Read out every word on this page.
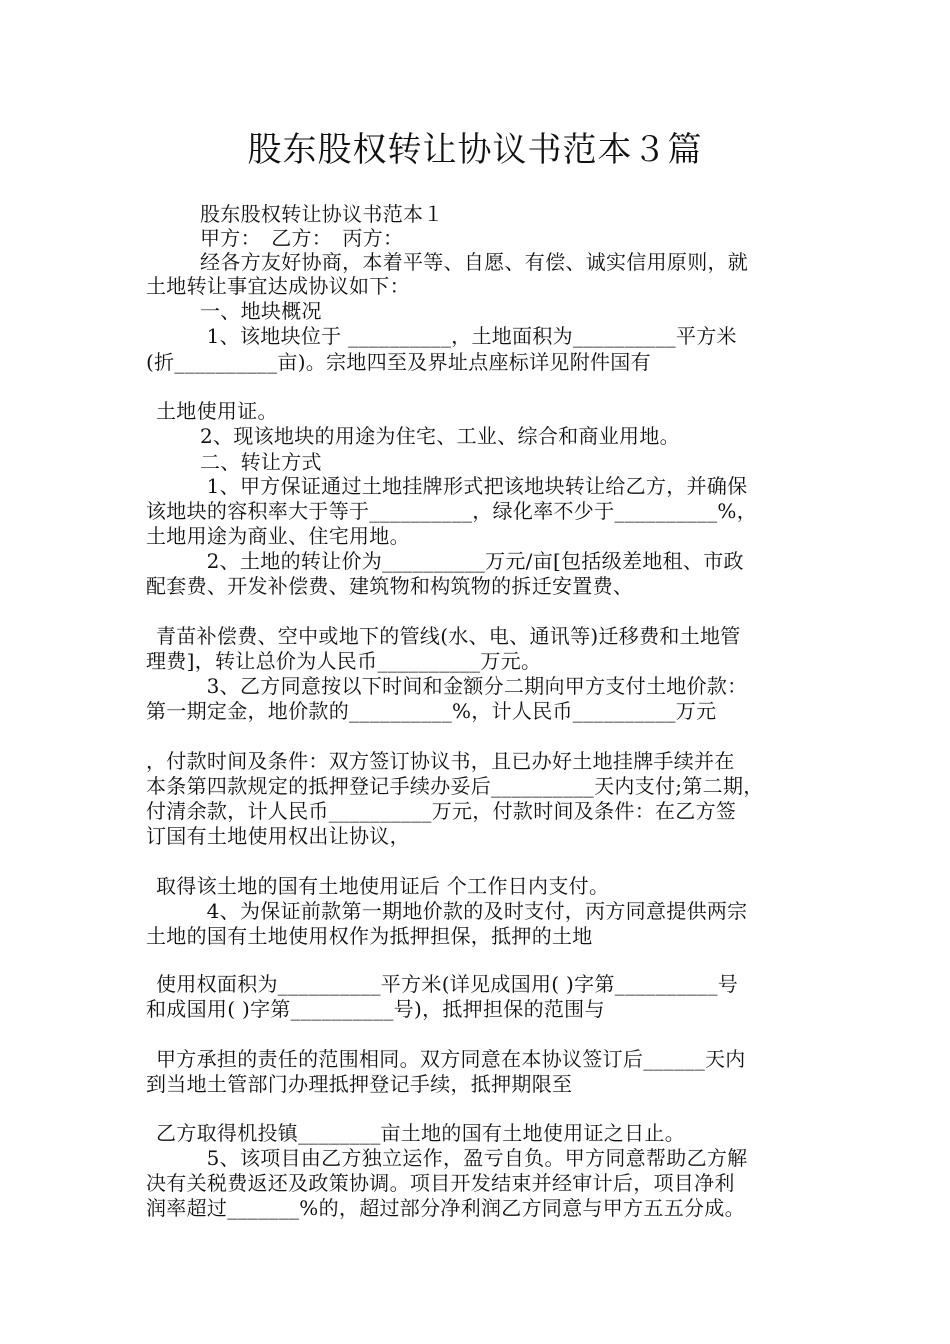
股东股权转让协议书范本３篇
股东股权转让协议书范本１
甲方：　乙方：　丙方：
经各方友好协商，本着平等、自愿、有偿、诚实信用原则，就
土地转让事宜达成协议如下：
一、地块概况
1、该地块位于 __________，土地面积为__________平方米
(折__________亩)。宗地四至及界址点座标详见附件国有
土地使用证。
2、现该地块的用途为住宅、工业、综合和商业用地。
二、转让方式
1、甲方保证通过土地挂牌形式把该地块转让给乙方，并确保
该地块的容积率大于等于__________，绿化率不少于__________%，
土地用途为商业、住宅用地。
2、土地的转让价为__________万元/亩[包括级差地租、市政
配套费、开发补偿费、建筑物和构筑物的拆迁安置费、
青苗补偿费、空中或地下的管线(水、电、通讯等)迁移费和土地管
理费]，转让总价为人民币__________万元。
3、乙方同意按以下时间和金额分二期向甲方支付土地价款：
第一期定金，地价款的__________%，计人民币__________万元
，付款时间及条件：双方签订协议书，且已办好土地挂牌手续并在
本条第四款规定的抵押登记手续办妥后__________天内支付;第二期，
付清余款，计人民币__________万元，付款时间及条件：在乙方签
订国有土地使用权出让协议，
取得该土地的国有土地使用证后 个工作日内支付。
4、为保证前款第一期地价款的及时支付，丙方同意提供两宗
土地的国有土地使用权作为抵押担保，抵押的土地
使用权面积为__________平方米(详见成国用( )字第__________号
和成国用( )字第__________号)，抵押担保的范围与
甲方承担的责任的范围相同。双方同意在本协议签订后______天内
到当地土管部门办理抵押登记手续，抵押期限至
乙方取得机投镇________亩土地的国有土地使用证之日止。
5、该项目由乙方独立运作，盈亏自负。甲方同意帮助乙方解
决有关税费返还及政策协调。项目开发结束并经审计后，项目净利
润率超过_______%的，超过部分净利润乙方同意与甲方五五分成。
